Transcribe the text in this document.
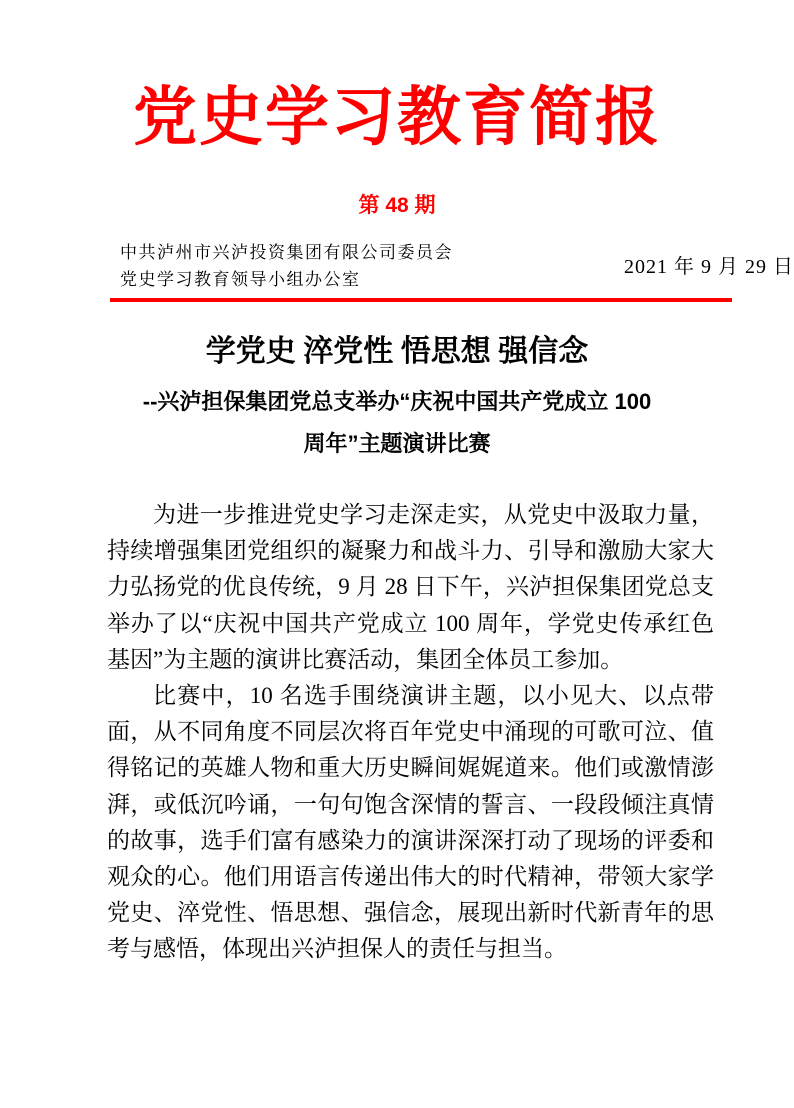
党史学习教育简报
第 48 期
中共泸州市兴泸投资集团有限公司委员会
党史学习教育领导小组办公室
2021 年 9 月 29 日
学党史 淬党性 悟思想 强信念
--兴泸担保集团党总支举办“庆祝中国共产党成立 100
周年”主题演讲比赛

为进一步推进党史学习走深走实，从党史中汲取力量，持续增强集团党组织的凝聚力和战斗力、引导和激励大家大力弘扬党的优良传统，9 月 28 日下午，兴泸担保集团党总支举办了以“庆祝中国共产党成立 100 周年，学党史传承红色基因”为主题的演讲比赛活动，集团全体员工参加。

比赛中，10 名选手围绕演讲主题，以小见大、以点带面，从不同角度不同层次将百年党史中涌现的可歌可泣、值得铭记的英雄人物和重大历史瞬间娓娓道来。他们或激情澎湃，或低沉吟诵，一句句饱含深情的誓言、一段段倾注真情的故事，选手们富有感染力的演讲深深打动了现场的评委和观众的心。他们用语言传递出伟大的时代精神，带领大家学党史、淬党性、悟思想、强信念，展现出新时代新青年的思考与感悟，体现出兴泸担保人的责任与担当。
